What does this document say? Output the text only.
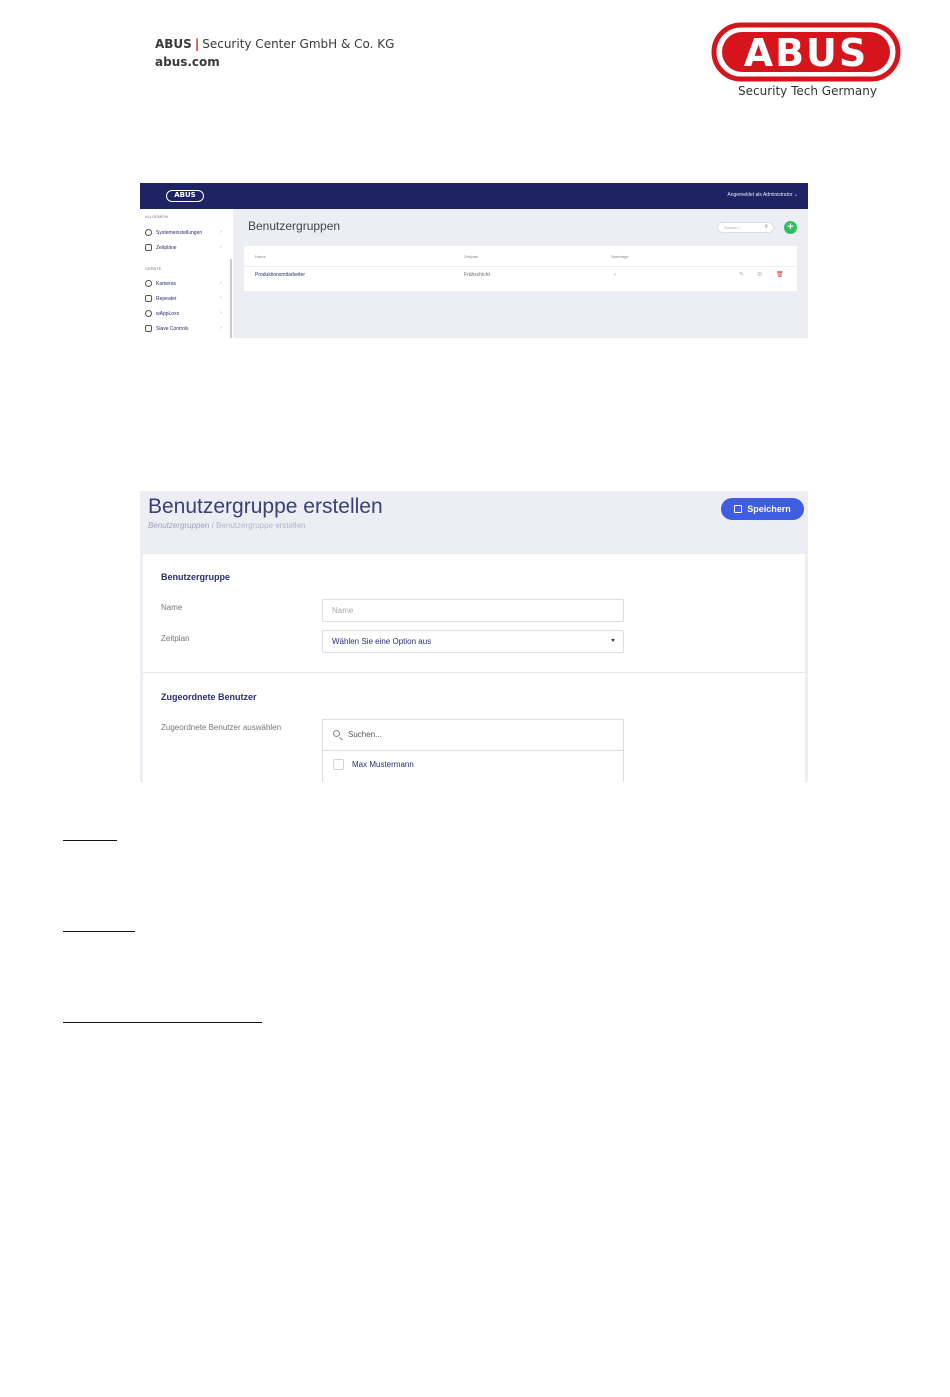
ABUS | Security Center GmbH & Co. KG
abus.com	ABUS
Security Tech Germany
ABUS	Angemeldet als Administrator ⌄
ALLGEMEIN
Systemeinstellungen	›
Zeitpläne	›
GERÄTE
Kameras	›
Repeater	›
wAppLoxx	›
Slave Controls	›
Benutzergruppen	Suchen...	⚲ +
Name	Zeitplan	Sperrtage
Produktionsmitarbeiter	Frühschicht	✓	✎ ⊘ 🗑
Benutzergruppe erstellen
Benutzergruppen / Benutzergruppe erstellen
Speichern
Benutzergruppe
Name	Name
Zeitplan	Wählen Sie eine Option aus
Zugeordnete Benutzer
Zugeordnete Benutzer auswählen
Suchen...
Max Mustermann
